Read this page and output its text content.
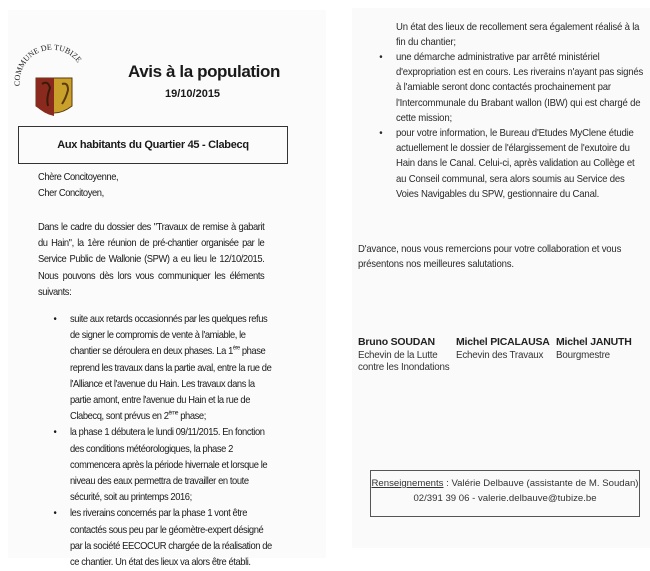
COMMUNE DE TUBIZE
Avis à la population
19/10/2015
Aux habitants du Quartier 45 - Clabecq
Chère Concitoyenne,
Cher Concitoyen,
Dans le cadre du dossier des "Travaux de remise à gabarit du Hain", la 1ère réunion de pré-chantier organisée par le Service Public de Wallonie (SPW) a eu lieu le 12/10/2015. Nous pouvons dès lors vous communiquer les éléments suivants:
• suite aux retards occasionnés par les quelques refus de signer le compromis de vente à l'amiable, le chantier se déroulera en deux phases. La 1ère phase reprend les travaux dans la partie aval, entre la rue de l'Alliance et l'avenue du Hain. Les travaux dans la partie amont, entre l'avenue du Hain et la rue de Clabecq, sont prévus en 2ème phase;
• la phase 1 débutera le lundi 09/11/2015. En fonction des conditions météorologiques, la phase 2 commencera après la période hivernale et lorsque le niveau des eaux permettra de travailler en toute sécurité, soit au printemps 2016;
• les riverains concernés par la phase 1 vont être contactés sous peu par le géomètre-expert désigné par la société EECOCUR chargée de la réalisation de ce chantier. Un état des lieux va alors être établi.
Un état des lieux de recollement sera également réalisé à la fin du chantier;
• une démarche administrative par arrêté ministériel d'expropriation est en cours. Les riverains n'ayant pas signés à l'amiable seront donc contactés prochainement par l'Intercommunale du Brabant wallon (IBW) qui est chargé de cette mission;
• pour votre information, le Bureau d'Etudes MyClene étudie actuellement le dossier de l'élargissement de l'exutoire du Hain dans le Canal. Celui-ci, après validation au Collège et au Conseil communal, sera alors soumis au Service des Voies Navigables du SPW, gestionnaire du Canal.
D'avance, nous vous remercions pour votre collaboration et vous présentons nos meilleures salutations.
Bruno SOUDAN
Echevin de la Lutte
contre les Inondations
Michel PICALAUSA
Echevin des Travaux
Michel JANUTH
Bourgmestre
Renseignements : Valérie Delbauve (assistante de M. Soudan)
02/391 39 06 - valerie.delbauve@tubize.be
